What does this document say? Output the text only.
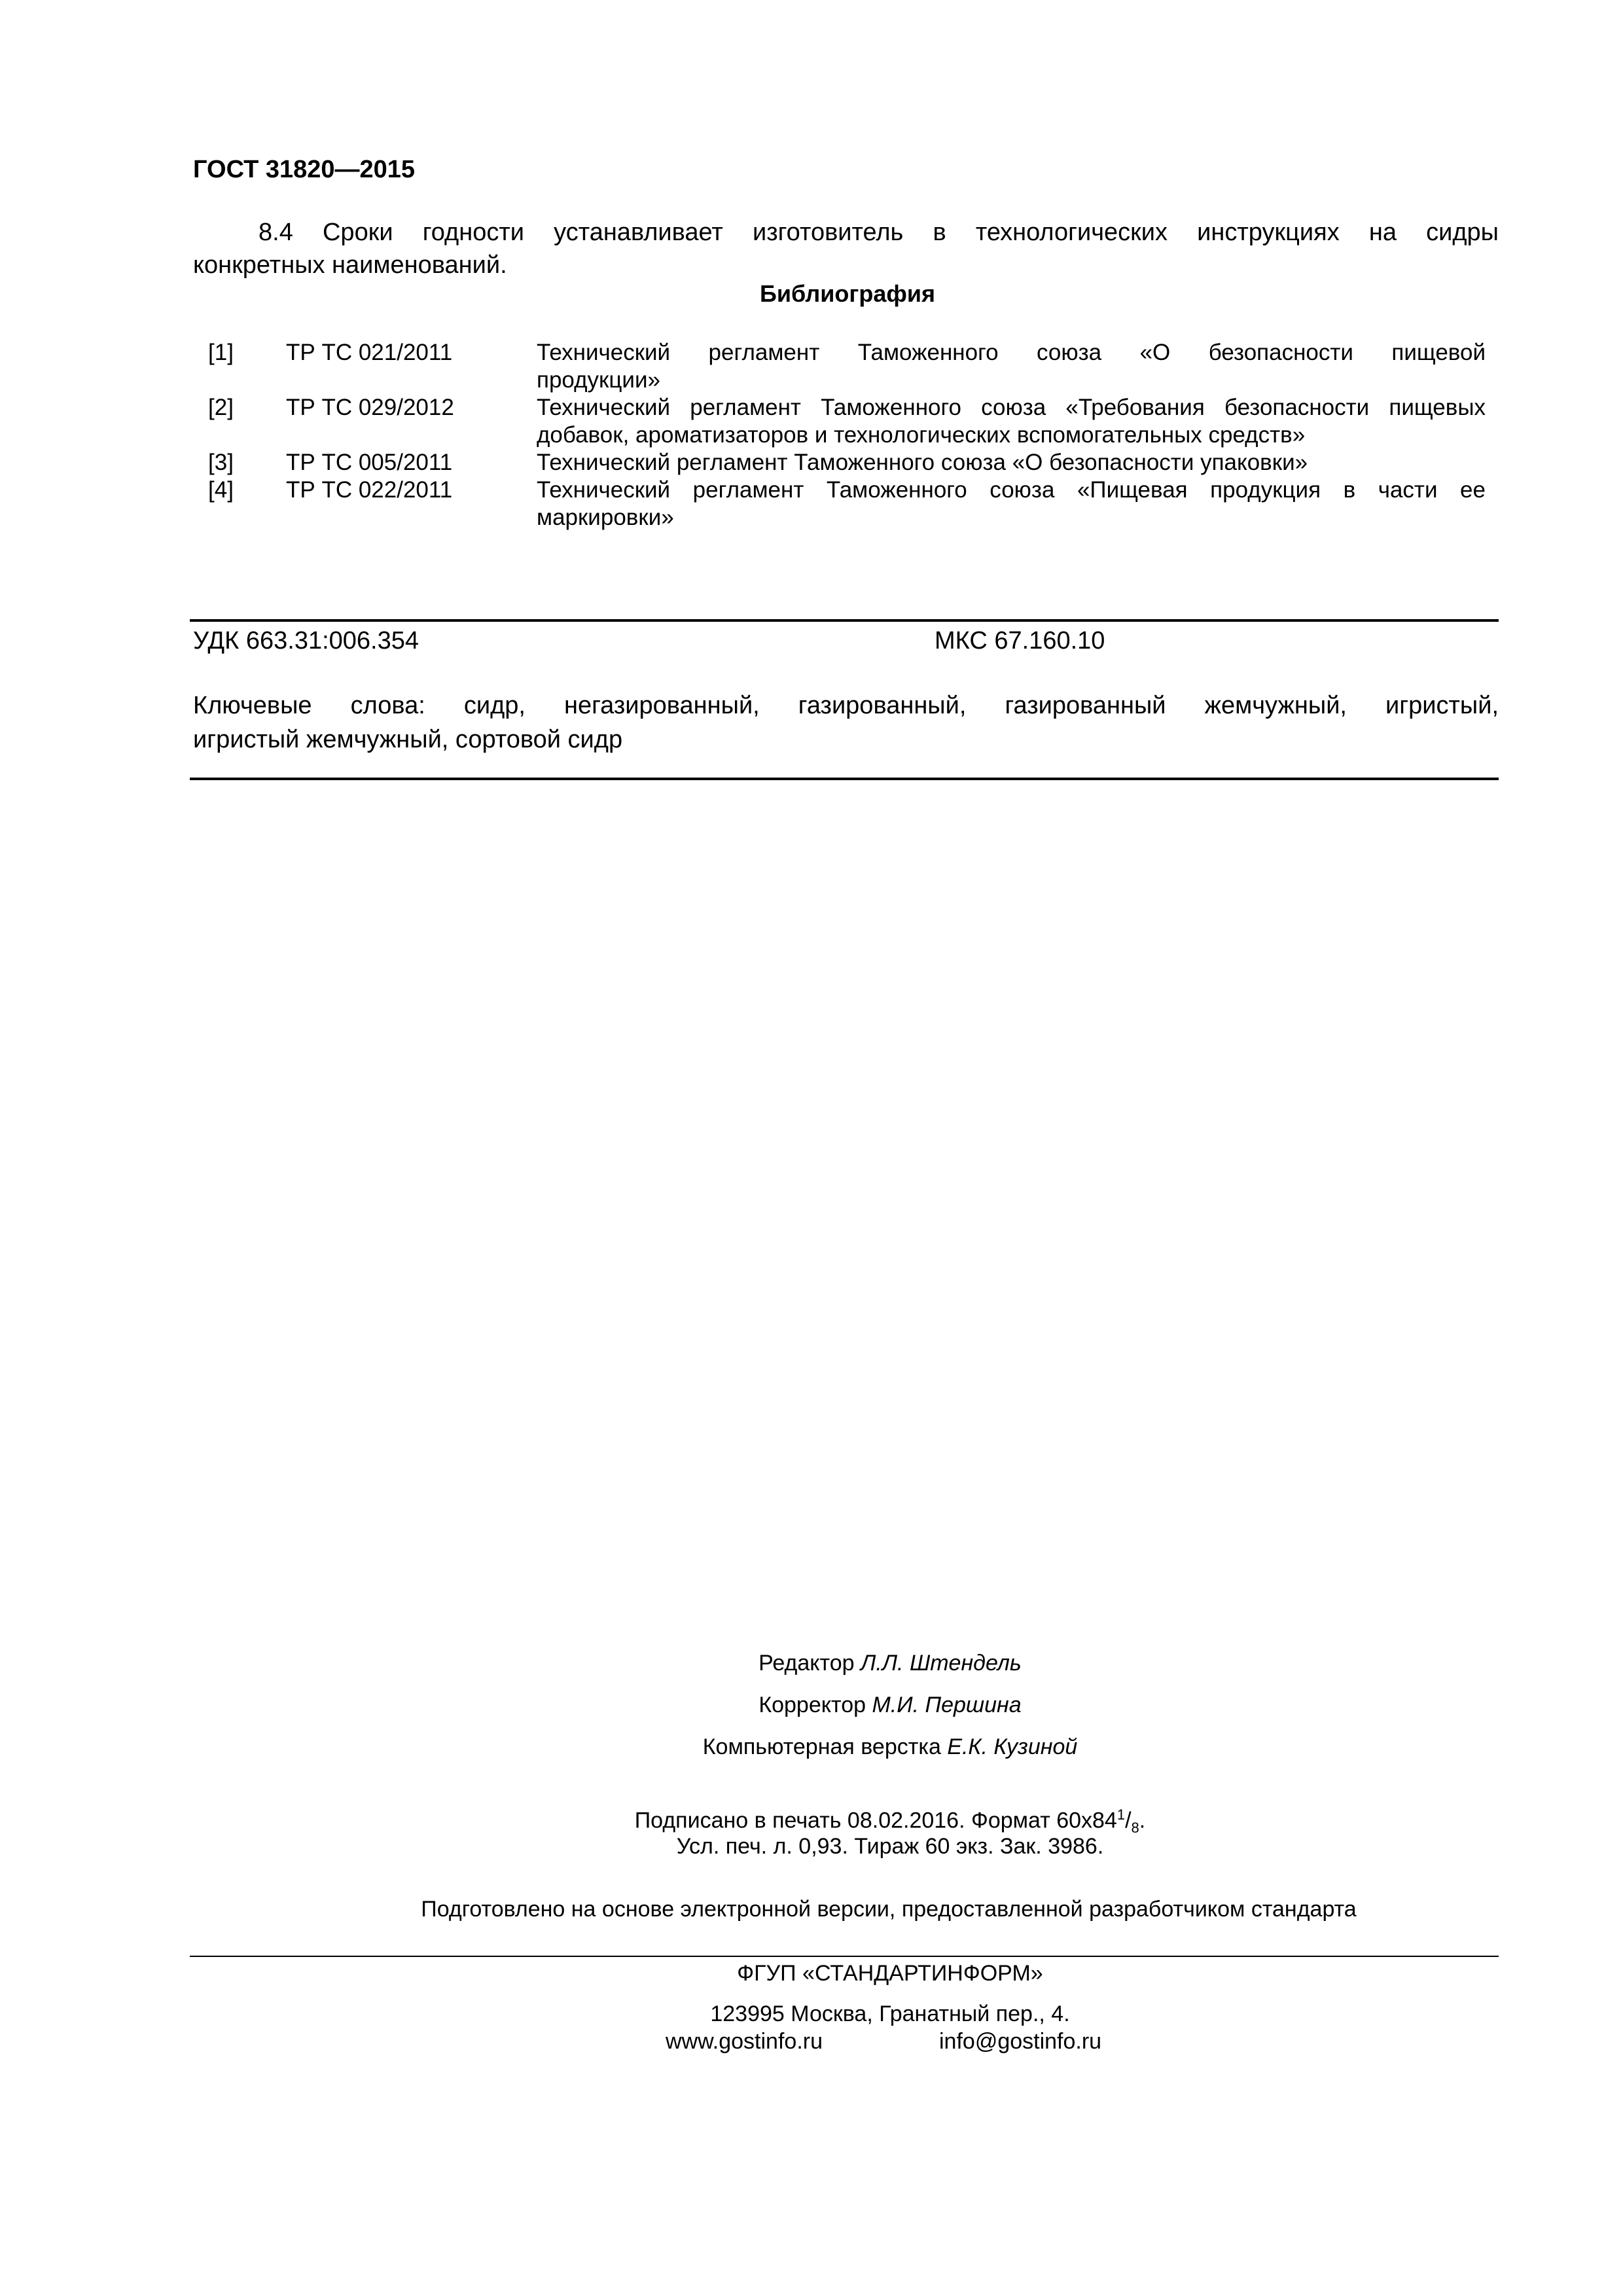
ГОСТ 31820—2015
8.4 Сроки годности устанавливает изготовитель в технологических инструкциях на сидры
конкретных наименований.
Библиография
[1] ТР ТС 021/2011	Технический регламент Таможенного союза «О безопасности пищевой
продукции»
[2] ТР ТС 029/2012	Технический регламент Таможенного союза «Требования безопасности пищевых
добавок, ароматизаторов и технологических вспомогательных средств»
[3] ТР ТС 005/2011	Технический регламент Таможенного союза «О безопасности упаковки»
[4] ТР ТС 022/2011	Технический регламент Таможенного союза «Пищевая продукция в части ее
маркировки»
УДК 663.31:006.354	МКС 67.160.10
Ключевые слова: сидр, негазированный, газированный, газированный жемчужный, игристый,
игристый жемчужный, сортовой сидр
Редактор Л.Л. Штендель
Корректор М.И. Першина
Компьютерная верстка Е.К. Кузиной
Подписано в печать 08.02.2016. Формат $60x84^1/_8$.
Усл. печ. л. 0,93. Тираж 60 экз. Зак. 3986.
Подготовлено на основе электронной версии, предоставленной разработчиком стандарта
ФГУП «СТАНДАРТИНФОРМ»
123995 Москва, Гранатный пер., 4.
www.gostinfo.ru	info@gostinfo.ru
